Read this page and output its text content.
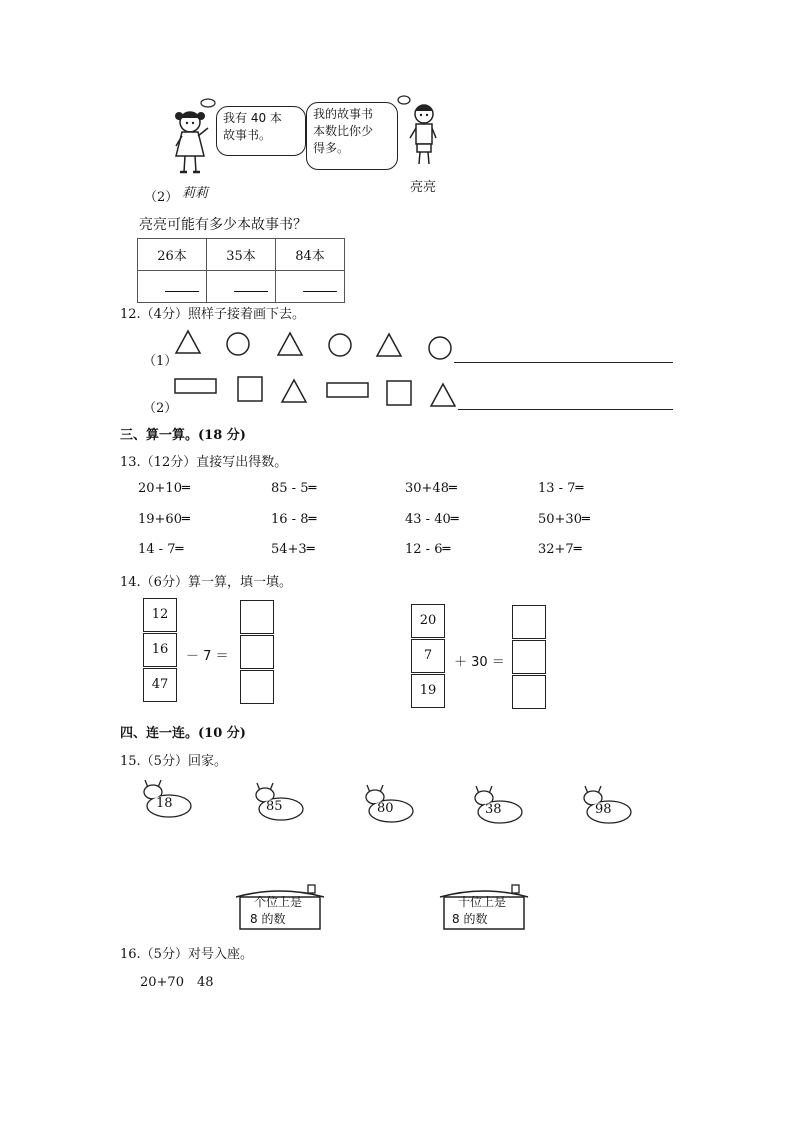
我有 40 本
故事书。
我的故事书
本数比你少
得多。
（2） 莉莉	亮亮
亮亮可能有多少本故事书？
26本	35本	84本

12.（4分）照样子接着画下去。
（1）
（2）
三、算一算。(18 分)
13.（12分）直接写出得数。
20+10═	85 - 5═	30+48═	13 - 7═
19+60═	16 - 8═	43 - 40═	50+30═
14 - 7═	54+3═	12 - 6═	32+7═
14.（6分）算一算，填一填。
12
16
47
－ 7 ＝
20
7
19
＋ 30 ＝
四、连一连。(10 分)
15.（5分）回家。
18	85	80	38	98
个位上是
8 的数
十位上是
8 的数
16.（5分）对号入座。
20+70　48
